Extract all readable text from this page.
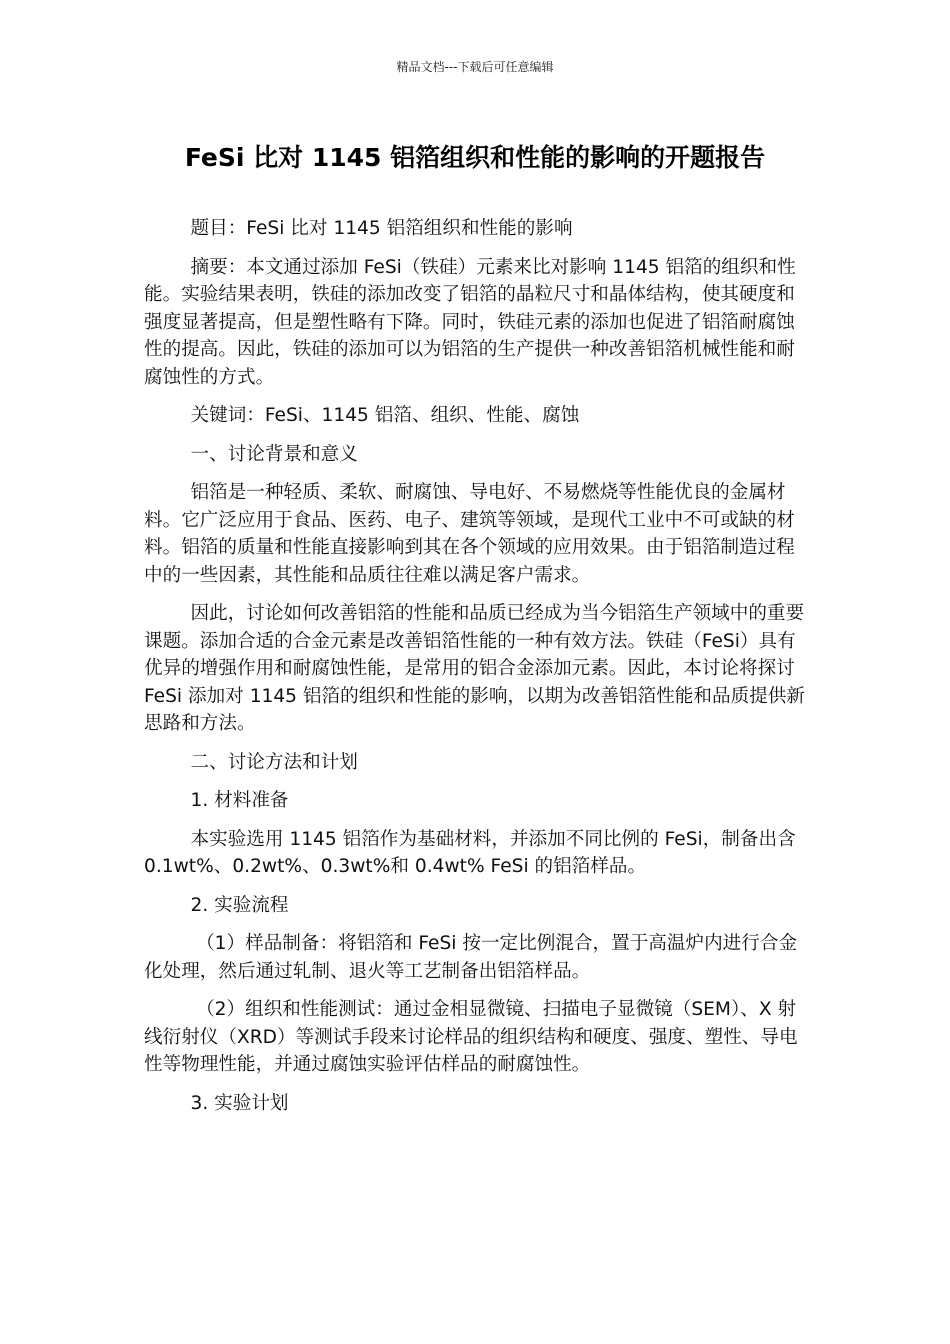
精品文档---下载后可任意编辑
FeSi 比对 1145 铝箔组织和性能的影响的开题报告

题目：FeSi 比对 1145 铝箔组织和性能的影响

摘要：本文通过添加 FeSi（铁硅）元素来比对影响 1145 铝箔的组织和性能。实验结果表明，铁硅的添加改变了铝箔的晶粒尺寸和晶体结构，使其硬度和强度显著提高，但是塑性略有下降。同时，铁硅元素的添加也促进了铝箔耐腐蚀性的提高。因此，铁硅的添加可以为铝箔的生产提供一种改善铝箔机械性能和耐腐蚀性的方式。

关键词：FeSi、1145 铝箔、组织、性能、腐蚀

一、讨论背景和意义

铝箔是一种轻质、柔软、耐腐蚀、导电好、不易燃烧等性能优良的金属材料。它广泛应用于食品、医药、电子、建筑等领域，是现代工业中不可或缺的材料。铝箔的质量和性能直接影响到其在各个领域的应用效果。由于铝箔制造过程中的一些因素，其性能和品质往往难以满足客户需求。

因此，讨论如何改善铝箔的性能和品质已经成为当今铝箔生产领域中的重要课题。添加合适的合金元素是改善铝箔性能的一种有效方法。铁硅（FeSi）具有优异的增强作用和耐腐蚀性能，是常用的铝合金添加元素。因此，本讨论将探讨 FeSi 添加对 1145 铝箔的组织和性能的影响，以期为改善铝箔性能和品质提供新思路和方法。

二、讨论方法和计划

1. 材料准备

本实验选用 1145 铝箔作为基础材料，并添加不同比例的 FeSi，制备出含 0.1wt%、0.2wt%、0.3wt%和 0.4wt% FeSi 的铝箔样品。

2. 实验流程

（1）样品制备：将铝箔和 FeSi 按一定比例混合，置于高温炉内进行合金化处理，然后通过轧制、退火等工艺制备出铝箔样品。

（2）组织和性能测试：通过金相显微镜、扫描电子显微镜（SEM）、X 射线衍射仪（XRD）等测试手段来讨论样品的组织结构和硬度、强度、塑性、导电性等物理性能，并通过腐蚀实验评估样品的耐腐蚀性。

3. 实验计划
